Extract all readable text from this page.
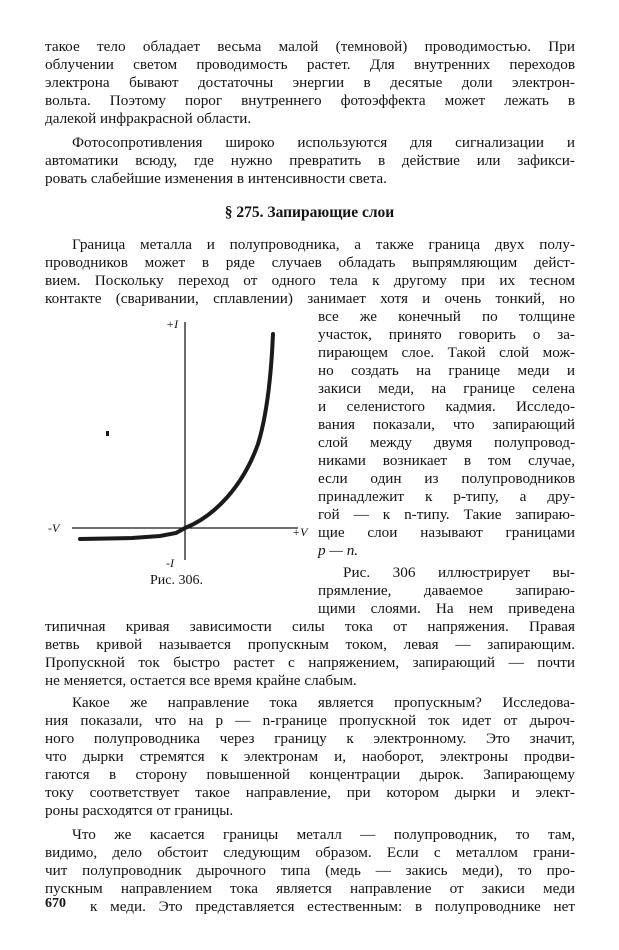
такое тело обладает весьма малой (темновой) проводимостью. При
облучении светом проводимость растет. Для внутренних переходов
электрона бывают достаточны энергии в десятые доли электрон-
вольта. Поэтому порог внутреннего фотоэффекта может лежать в
далекой инфракрасной области.
Фотосопротивления широко используются для сигнализации и
автоматики всюду, где нужно превратить в действие или зафикси-
ровать слабейшие изменения в интенсивности света.
§ 275. Запирающие слои
Граница металла и полупроводника, а также граница двух полу-
проводников может в ряде случаев обладать выпрямляющим дейст-
вием. Поскольку переход от одного тела к другому при их тесном
контакте (сваривании, сплавлении) занимает хотя и очень тонкий, но
все же конечный по толщине
участок, принято говорить о за-
пирающем слое. Такой слой мож-
но создать на границе меди и
закиси меди, на границе селена
и селенистого кадмия. Исследо-
вания показали, что запирающий
слой между двумя полупровод-
никами возникает в том случае,
если один из полупроводников
принадлежит к p-типу, а дру-
гой — к n-типу. Такие запираю-
щие слои называют границами
p — n.
Рис. 306 иллюстрирует вы-
прямление, даваемое запираю-
щими слоями. На нем приведена
типичная кривая зависимости силы тока от напряжения. Правая
ветвь кривой называется пропускным током, левая — запирающим.
Пропускной ток быстро растет с напряжением, запирающий — почти
не меняется, остается все время крайне слабым.
Какое же направление тока является пропускным? Исследова-
ния показали, что на p — n-границе пропускной ток идет от дыроч-
ного полупроводника через границу к электронному. Это значит,
что дырки стремятся к электронам и, наоборот, электроны продви-
гаются в сторону повышенной концентрации дырок. Запирающему
току соответствует такое направление, при котором дырки и элект-
роны расходятся от границы.
Что же касается границы металл — полупроводник, то там,
видимо, дело обстоит следующим образом. Если с металлом грани-
чит полупроводник дырочного типа (медь — закись меди), то про-
пускным направлением тока является направление от закиси меди
к меди. Это представляется естественным: в полупроводнике нет
+I
-I
+V
-V
Рис. 306.
670
